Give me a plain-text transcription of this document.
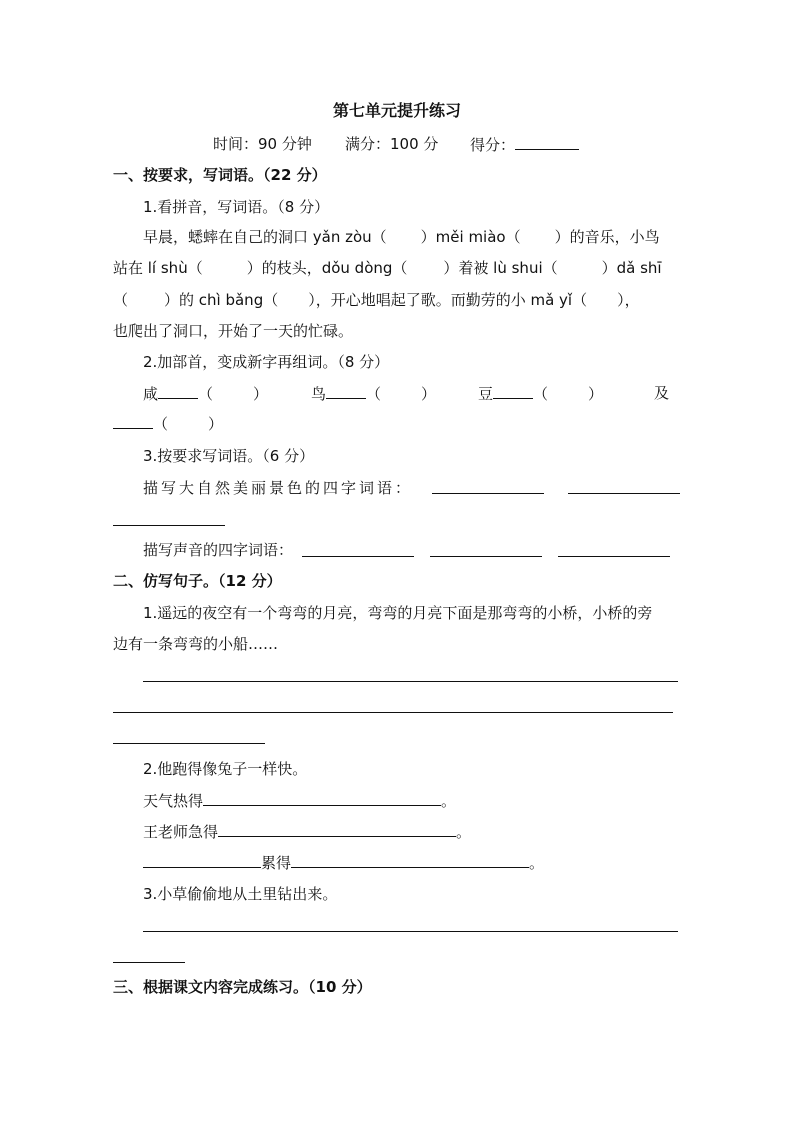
第七单元提升练习
时间：90 分钟 满分：100 分 得分：
一、按要求，写词语。（22 分）
1.看拼音，写词语。（8 分）
早晨，蟋蟀在自己的洞口 yǎn zòu（ ）měi miào（ ）的音乐，小鸟
站在 lí shù（	）的枝头，dǒu dòng（ ）着被 lù shui（	）dǎ shī
（ ）的 chì bǎng（ ），开心地唱起了歌。而勤劳的小 mǎ yǐ（ ），
也爬出了洞口，开始了一天的忙碌。
2.加部首，变成新字再组词。（8 分）
咸	（	）	鸟	（	）	豆	（	）	及
（	）
3.按要求写词语。（6 分）
描写大自然美丽景色的四字词语：
描写声音的四字词语：
二、仿写句子。（12 分）
1.遥远的夜空有一个弯弯的月亮，弯弯的月亮下面是那弯弯的小桥，小桥的旁
边有一条弯弯的小船……
2.他跑得像兔子一样快。
天气热得	。
王老师急得	。
累得	。
3.小草偷偷地从土里钻出来。
三、根据课文内容完成练习。（10 分）
